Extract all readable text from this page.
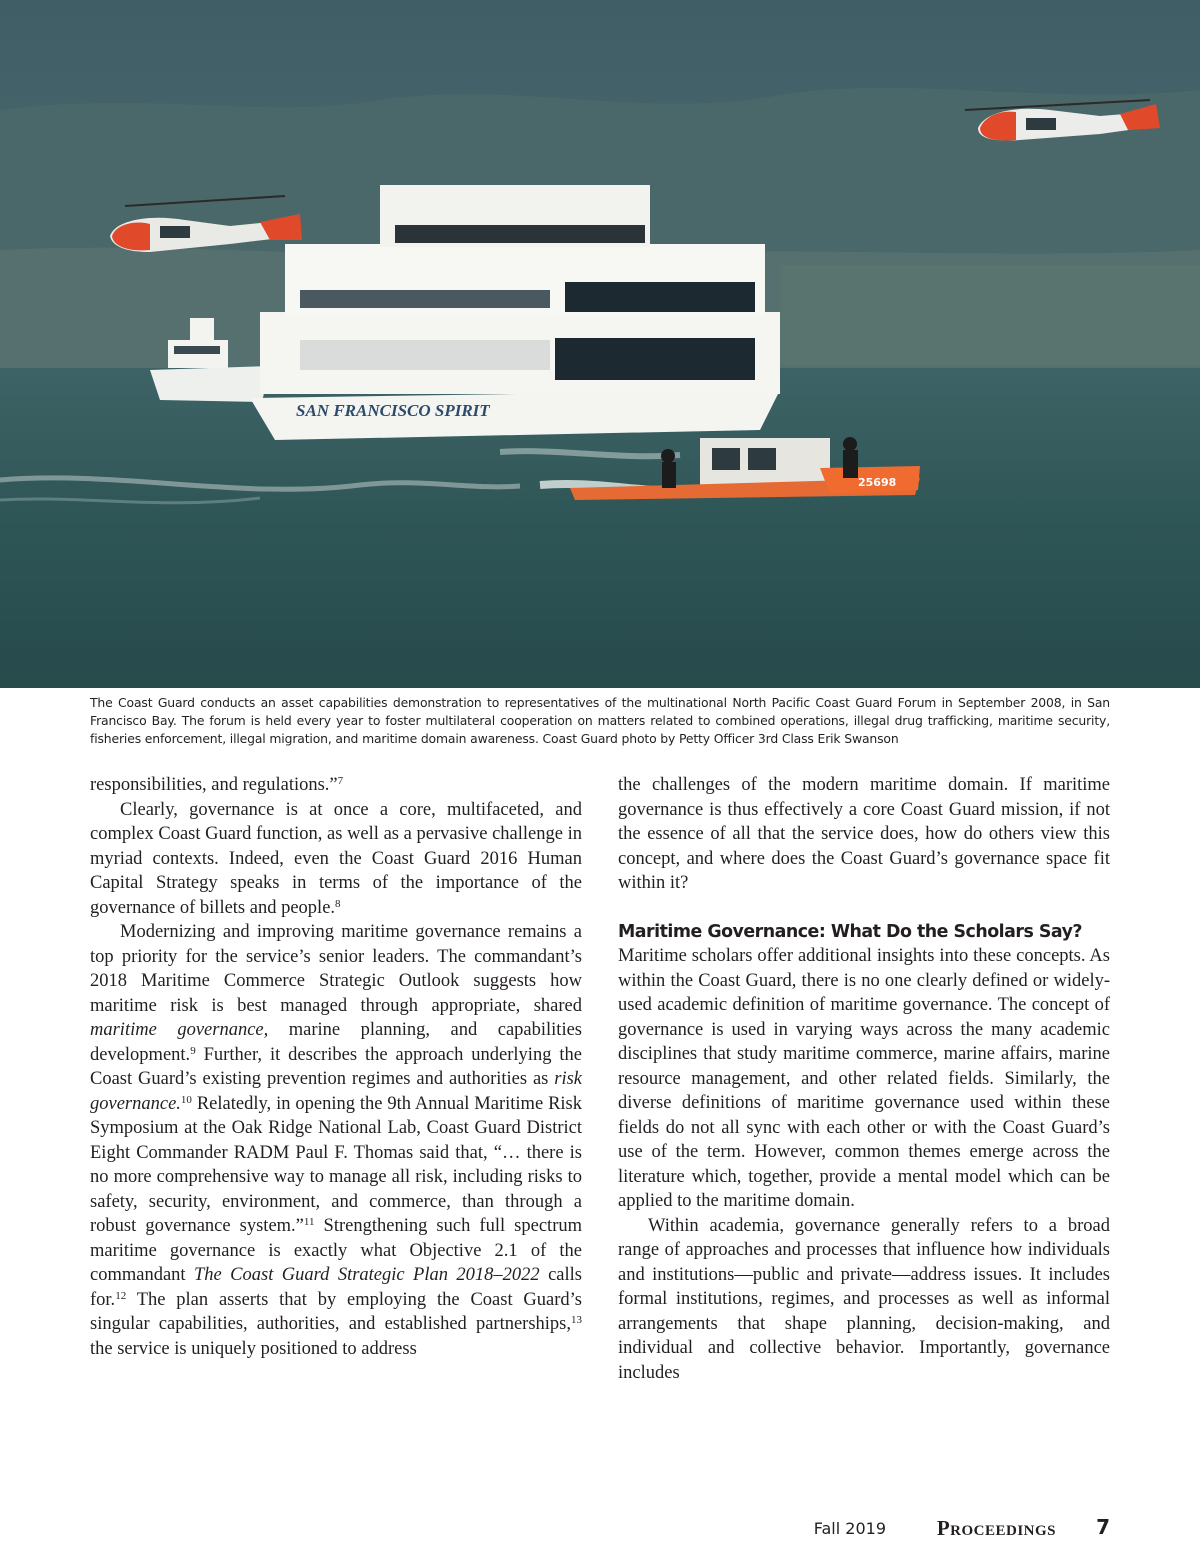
SAN FRANCISCO SPIRIT
25698
The Coast Guard conducts an asset capabilities demonstration to representatives of the multinational North Pacific Coast Guard Forum in September 2008, in San Francisco Bay. The forum is held every year to foster multilateral cooperation on matters related to combined operations, illegal drug trafficking, maritime security, fisheries enforcement, illegal migration, and maritime domain awareness. Coast Guard photo by Petty Officer 3rd Class Erik Swanson

responsibilities, and regulations.”$^7$

Clearly, governance is at once a core, multifaceted, and complex Coast Guard function, as well as a pervasive challenge in myriad contexts. Indeed, even the Coast Guard 2016 Human Capital Strategy speaks in terms of the importance of the governance of billets and people.$^8$

Modernizing and improving maritime governance remains a top priority for the service’s senior leaders. The commandant’s 2018 Maritime Commerce Strategic Outlook suggests how maritime risk is best managed through appropriate, shared maritime governance, marine planning, and capabilities development.$^9$ Further, it describes the approach underlying the Coast Guard’s existing prevention regimes and authorities as risk governance.$^{10}$ Relatedly, in opening the 9th Annual Maritime Risk Symposium at the Oak Ridge National Lab, Coast Guard District Eight Commander RADM Paul F. Thomas said that, “… there is no more comprehensive way to manage all risk, including risks to safety, security, environment, and commerce, than through a robust governance system.”$^{11}$ Strengthening such full spectrum maritime governance is exactly what Objective 2.1 of the commandant The Coast Guard Strategic Plan 2018–2022 calls for.$^{12}$ The plan asserts that by employing the Coast Guard’s singular capabilities, authorities, and established partnerships,$^{13}$ the service is uniquely positioned to address

the challenges of the modern maritime domain. If maritime governance is thus effectively a core Coast Guard mission, if not the essence of all that the service does, how do others view this concept, and where does the Coast Guard’s governance space fit within it?

Maritime Governance: What Do the Scholars Say?

Maritime scholars offer additional insights into these concepts. As within the Coast Guard, there is no one clearly defined or widely-used academic definition of maritime governance. The concept of governance is used in varying ways across the many academic disciplines that study maritime commerce, marine affairs, marine resource management, and other related fields. Similarly, the diverse definitions of maritime governance used within these fields do not all sync with each other or with the Coast Guard’s use of the term. However, common themes emerge across the literature which, together, provide a mental model which can be applied to the maritime domain.

Within academia, governance generally refers to a broad range of approaches and processes that influence how individuals and institutions—public and private—address issues. It includes formal institutions, regimes, and processes as well as informal arrangements that shape planning, decision-making, and individual and collective behavior. Importantly, governance includes

Fall 2019 Proceedings 7
